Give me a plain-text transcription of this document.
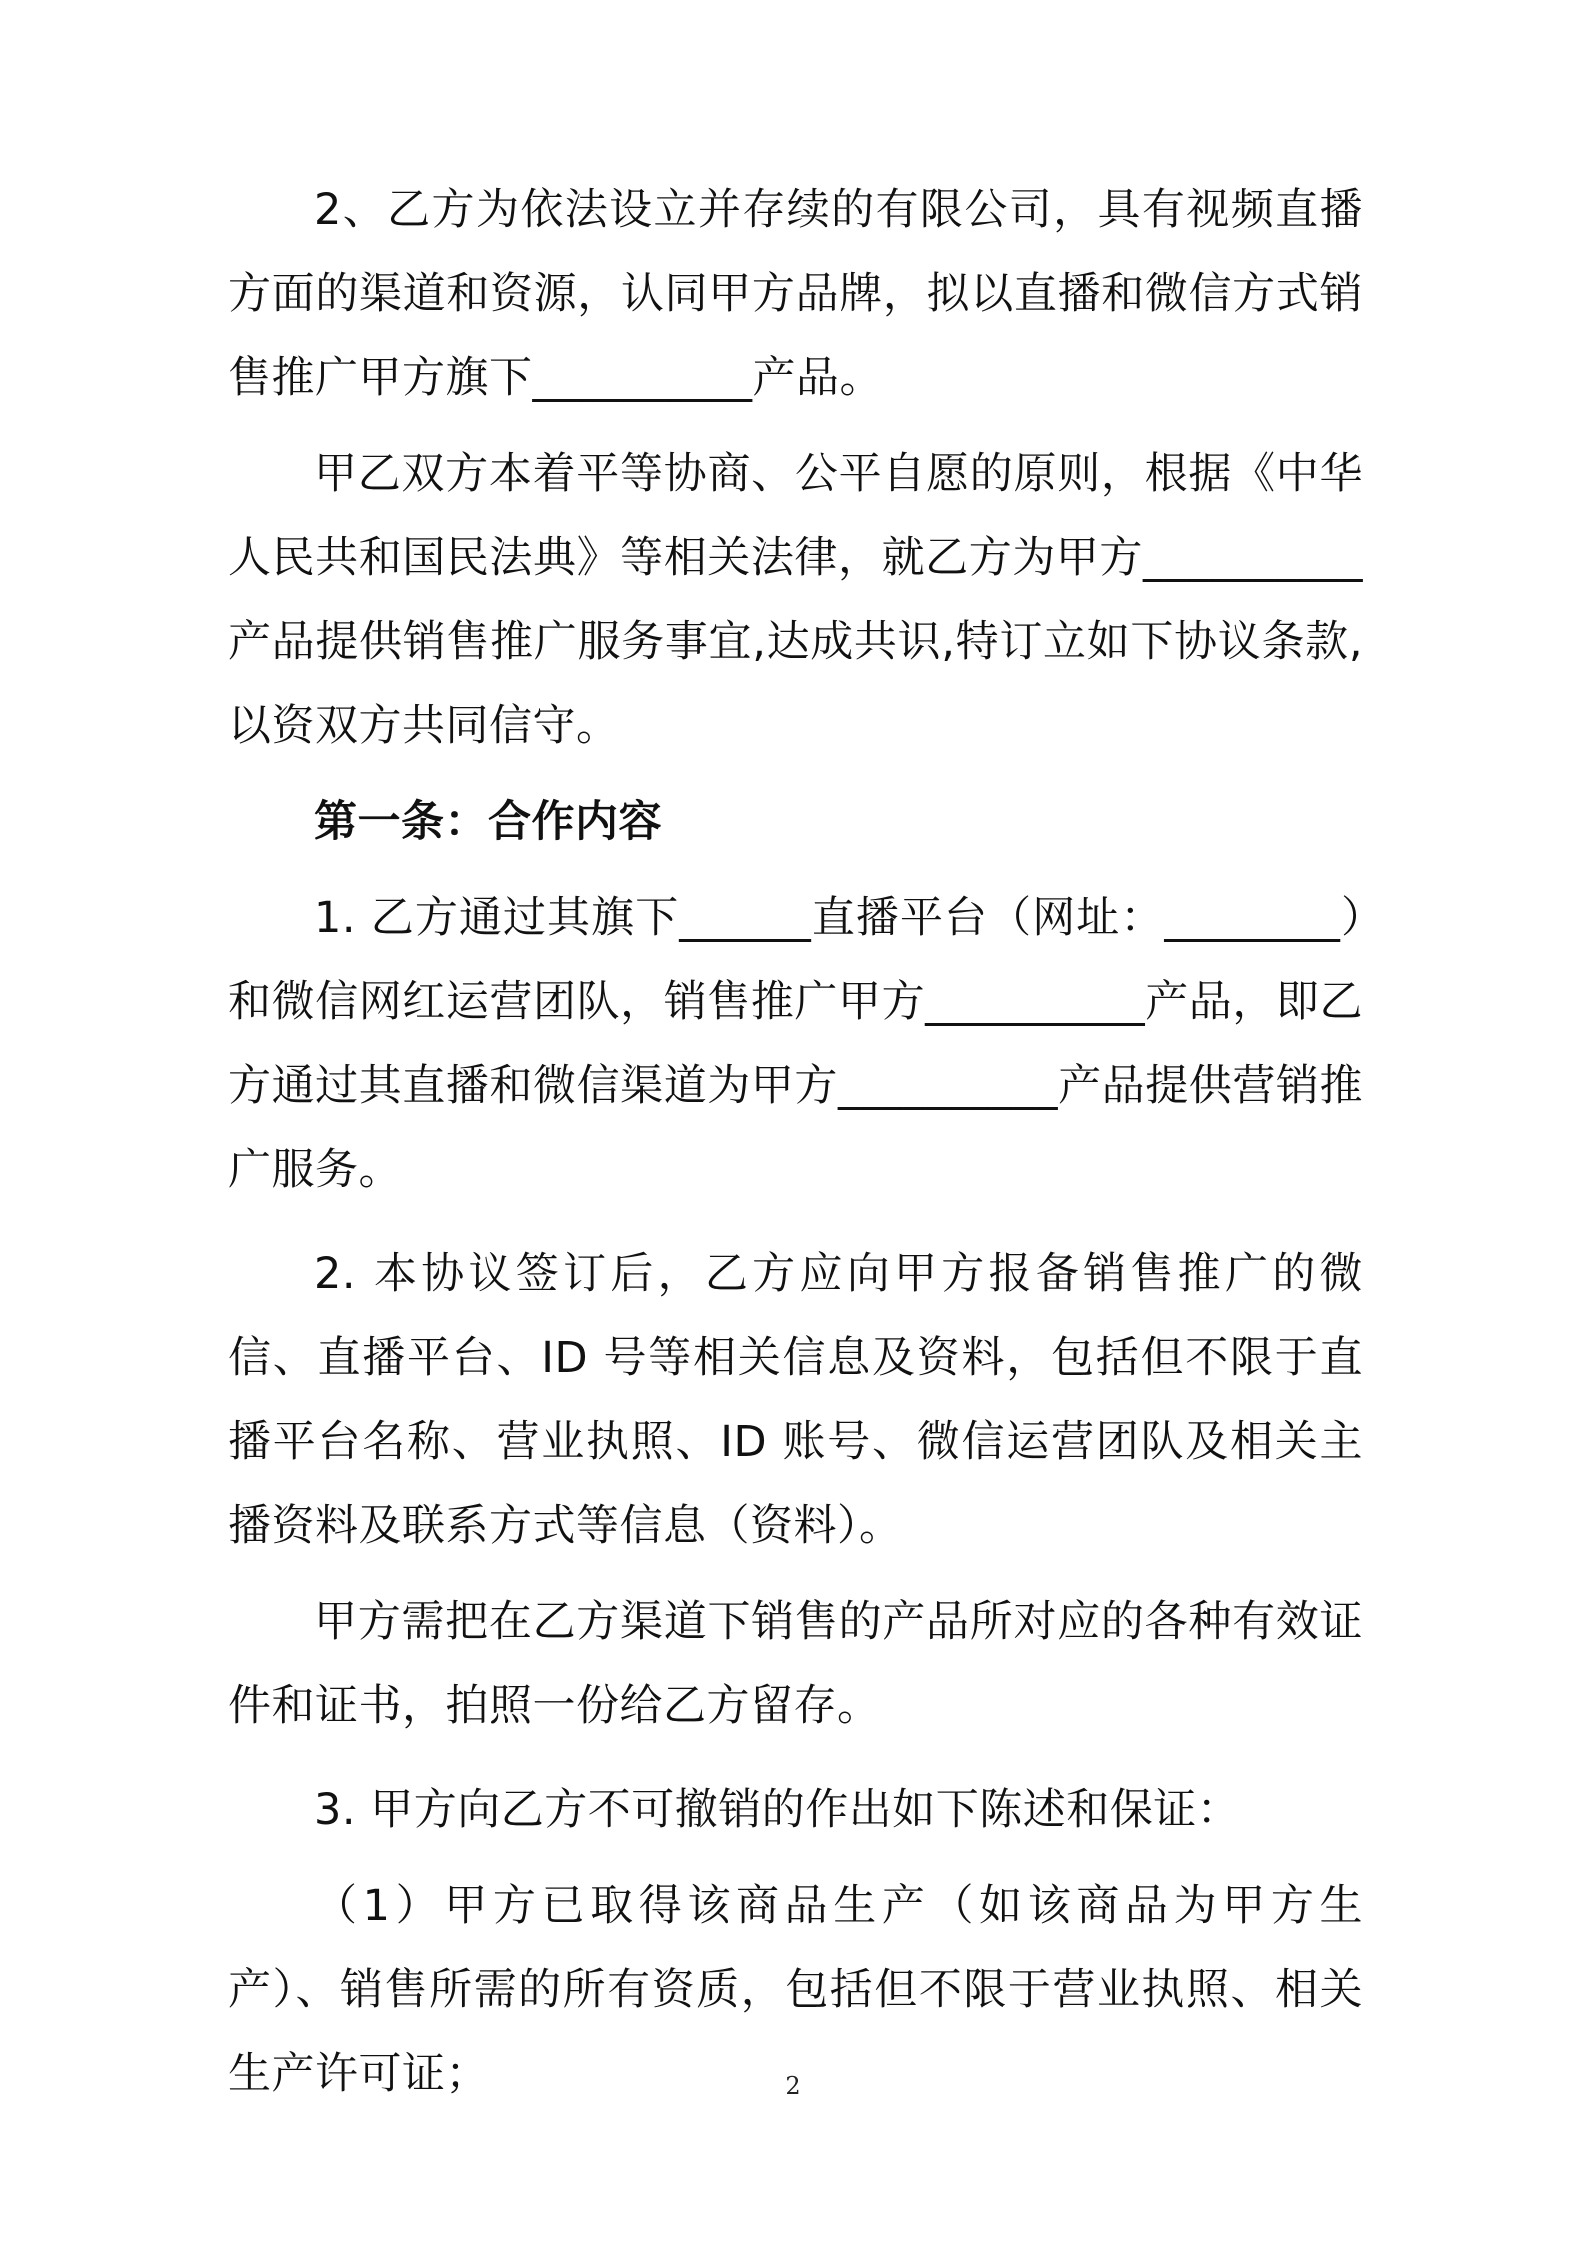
2、乙方为依法设立并存续的有限公司，具有视频直播方面的渠道和资源，认同甲方品牌，拟以直播和微信方式销售推广甲方旗下__________产品。

甲乙双方本着平等协商、公平自愿的原则，根据《中华人民共和国民法典》等相关法律，就乙方为甲方__________产品提供销售推广服务事宜,达成共识,特订立如下协议条款,以资双方共同信守。

第一条：合作内容

1. 乙方通过其旗下______直播平台（网址：________）和微信网红运营团队，销售推广甲方__________产品，即乙方通过其直播和微信渠道为甲方__________产品提供营销推广服务。

2. 本协议签订后，乙方应向甲方报备销售推广的微信、直播平台、ID 号等相关信息及资料，包括但不限于直播平台名称、营业执照、ID 账号、微信运营团队及相关主播资料及联系方式等信息（资料）。

甲方需把在乙方渠道下销售的产品所对应的各种有效证件和证书，拍照一份给乙方留存。

3. 甲方向乙方不可撤销的作出如下陈述和保证：

（1）甲方已取得该商品生产（如该商品为甲方生产）、销售所需的所有资质，包括但不限于营业执照、相关生产许可证；	2
